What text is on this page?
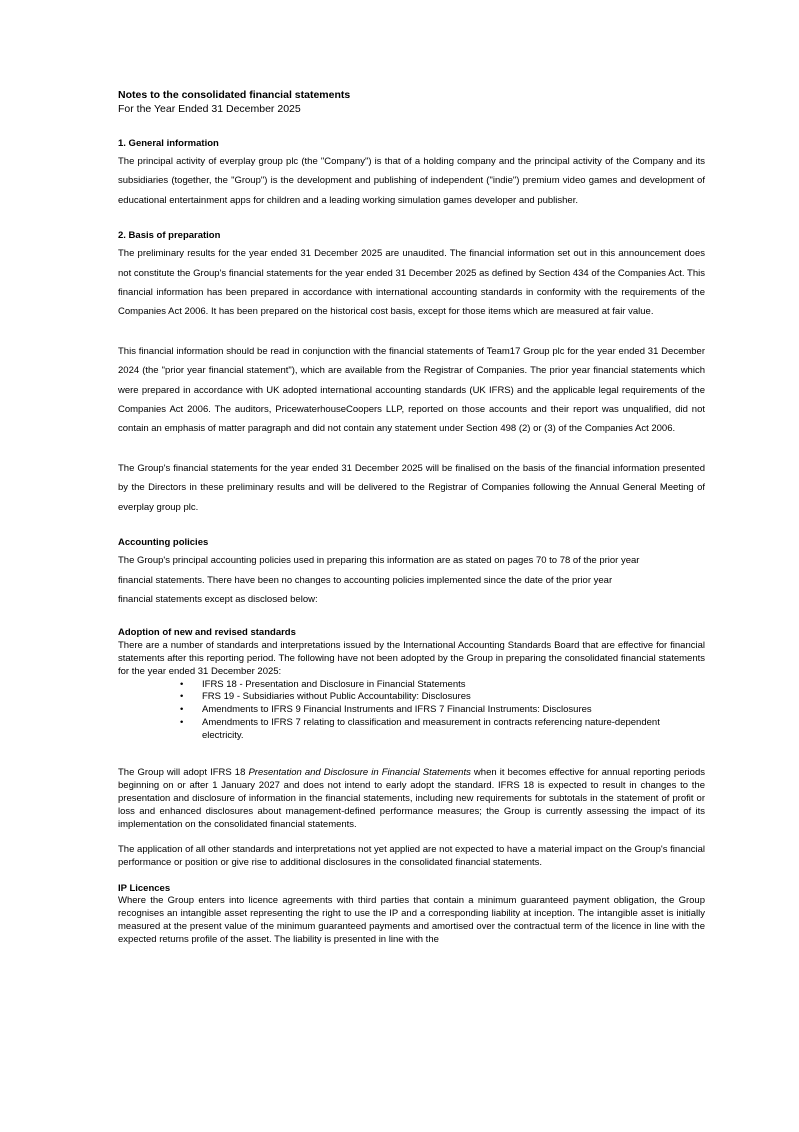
Notes to the consolidated financial statements

For the Year Ended 31 December 2025

1. General information

The principal activity of everplay group plc (the "Company") is that of a holding company and the principal activity of the Company and its subsidiaries (together, the "Group") is the development and publishing of independent ("indie") premium video games and development of educational entertainment apps for children and a leading working simulation games developer and publisher.

2. Basis of preparation

The preliminary results for the year ended 31 December 2025 are unaudited. The financial information set out in this announcement does not constitute the Group's financial statements for the year ended 31 December 2025 as defined by Section 434 of the Companies Act. This financial information has been prepared in accordance with international accounting standards in conformity with the requirements of the Companies Act 2006. It has been prepared on the historical cost basis, except for those items which are measured at fair value.

This financial information should be read in conjunction with the financial statements of Team17 Group plc for the year ended 31 December 2024 (the "prior year financial statement"), which are available from the Registrar of Companies. The prior year financial statements which were prepared in accordance with UK adopted international accounting standards (UK IFRS) and the applicable legal requirements of the Companies Act 2006. The auditors, PricewaterhouseCoopers LLP, reported on those accounts and their report was unqualified, did not contain an emphasis of matter paragraph and did not contain any statement under Section 498 (2) or (3) of the Companies Act 2006.

The Group's financial statements for the year ended 31 December 2025 will be finalised on the basis of the financial information presented by the Directors in these preliminary results and will be delivered to the Registrar of Companies following the Annual General Meeting of everplay group plc.

Accounting policies

The Group's principal accounting policies used in preparing this information are as stated on pages 70 to 78 of the prior year
financial statements. There have been no changes to accounting policies implemented since the date of the prior year
financial statements except as disclosed below:

Adoption of new and revised standards

There are a number of standards and interpretations issued by the International Accounting Standards Board that are effective for financial statements after this reporting period. The following have not been adopted by the Group in preparing the consolidated financial statements for the year ended 31 December 2025:

• IFRS 18 - Presentation and Disclosure in Financial Statements
• FRS 19 - Subsidiaries without Public Accountability: Disclosures
• Amendments to IFRS 9 Financial Instruments and IFRS 7 Financial Instruments: Disclosures
• Amendments to IFRS 7 relating to classification and measurement in contracts referencing nature-dependent electricity.

The Group will adopt IFRS 18 Presentation and Disclosure in Financial Statements when it becomes effective for annual reporting periods beginning on or after 1 January 2027 and does not intend to early adopt the standard. IFRS 18 is expected to result in changes to the presentation and disclosure of information in the financial statements, including new requirements for subtotals in the statement of profit or loss and enhanced disclosures about management-defined performance measures; the Group is currently assessing the impact of its implementation on the consolidated financial statements.

The application of all other standards and interpretations not yet applied are not expected to have a material impact on the Group's financial performance or position or give rise to additional disclosures in the consolidated financial statements.

IP Licences

Where the Group enters into licence agreements with third parties that contain a minimum guaranteed payment obligation, the Group recognises an intangible asset representing the right to use the IP and a corresponding liability at inception. The intangible asset is initially measured at the present value of the minimum guaranteed payments and amortised over the contractual term of the licence in line with the expected returns profile of the asset. The liability is presented in line with the
